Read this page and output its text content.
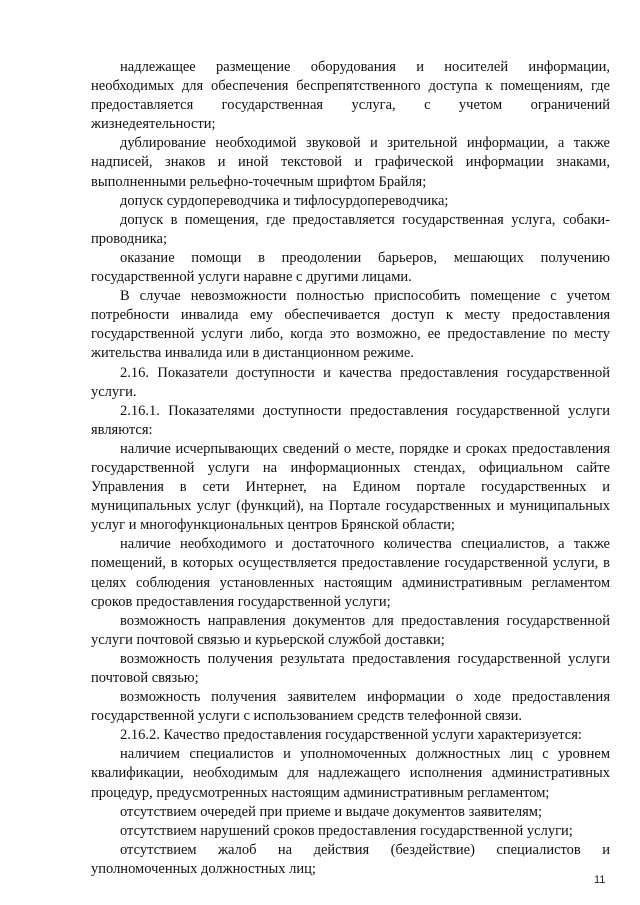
надлежащее размещение оборудования и носителей информации, необходимых для обеспечения беспрепятственного доступа к помещениям, где предоставляется государственная услуга, с учетом ограничений жизнедеятельности;

дублирование необходимой звуковой и зрительной информации, а также надписей, знаков и иной текстовой и графической информации знаками, выполненными рельефно-точечным шрифтом Брайля;

допуск сурдопереводчика и тифлосурдопереводчика;

допуск в помещения, где предоставляется государственная услуга, собаки-проводника;

оказание помощи в преодолении барьеров, мешающих получению государственной услуги наравне с другими лицами.

В случае невозможности полностью приспособить помещение с учетом потребности инвалида ему обеспечивается доступ к месту предоставления государственной услуги либо, когда это возможно, ее предоставление по месту жительства инвалида или в дистанционном режиме.

2.16. Показатели доступности и качества предоставления государственной услуги.

2.16.1. Показателями доступности предоставления государственной услуги являются:

наличие исчерпывающих сведений о месте, порядке и сроках предоставления государственной услуги на информационных стендах, официальном сайте Управления в сети Интернет, на Едином портале государственных и муниципальных услуг (функций), на Портале государственных и муниципальных услуг и многофункциональных центров Брянской области;

наличие необходимого и достаточного количества специалистов, а также помещений, в которых осуществляется предоставление государственной услуги, в целях соблюдения установленных настоящим административным регламентом сроков предоставления государственной услуги;

возможность направления документов для предоставления государственной услуги почтовой связью и курьерской службой доставки;

возможность получения результата предоставления государственной услуги почтовой связью;

возможность получения заявителем информации о ходе предоставления государственной услуги с использованием средств телефонной связи.

2.16.2. Качество предоставления государственной услуги характеризуется:

наличием специалистов и уполномоченных должностных лиц с уровнем квалификации, необходимым для надлежащего исполнения административных процедур, предусмотренных настоящим административным регламентом;

отсутствием очередей при приеме и выдаче документов заявителям;

отсутствием нарушений сроков предоставления государственной услуги;

отсутствием жалоб на действия (бездействие) специалистов и уполномоченных должностных лиц;

11
